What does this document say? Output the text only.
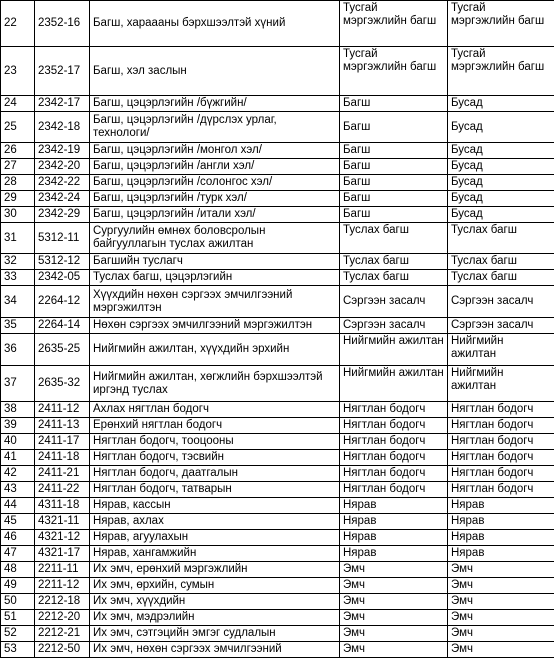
22	2352-16	Багш, хараааны бэрхшээлтэй хүний	Тусгай мэргэжлийн багш	Тусгай мэргэжлийн багш
23	2352-17	Багш, хэл заслын	Тусгай мэргэжлийн багш	Тусгай мэргэжлийн багш
24	2342-17	Багш, цэцэрлэгийн /бүжгийн/	Багш	Бусад
25	2342-18	Багш, цэцэрлэгийн /дүрслэх урлаг, технологи/	Багш	Бусад
26	2342-19	Багш, цэцэрлэгийн /монгол хэл/	Багш	Бусад
27	2342-20	Багш, цэцэрлэгийн /англи хэл/	Багш	Бусад
28	2342-22	Багш, цэцэрлэгийн /солонгос хэл/	Багш	Бусад
29	2342-24	Багш, цэцэрлэгийн /турк хэл/	Багш	Бусад
30	2342-29	Багш, цэцэрлэгийн /итали хэл/	Багш	Бусад
31	5312-11	Сургуулийн өмнөх боловсролын байгууллагын туслах ажилтан	Туслах багш	Туслах багш
32	5312-12	Багшийн туслагч	Туслах багш	Туслах багш
33	2342-05	Туслах багш, цэцэрлэгийн	Туслах багш	Туслах багш
34	2264-12	Хүүхдийн нөхөн сэргээх эмчилгээний мэргэжилтэн	Сэргээн засалч	Сэргээн засалч
35	2264-14	Нөхөн сэргээх эмчилгээний мэргэжилтэн	Сэргээн засалч	Сэргээн засалч
36	2635-25	Нийгмийн ажилтан, хүүхдийн эрхийн	Нийгмийн ажилтан	Нийгмийн ажилтан
37	2635-32	Нийгмийн ажилтан, хөгжлийн бэрхшээлтэй иргэнд туслах	Нийгмийн ажилтан	Нийгмийн ажилтан
38	2411-12	Ахлах нягтлан бодогч	Нягтлан бодогч	Нягтлан бодогч
39	2411-13	Ерөнхий нягтлан бодогч	Нягтлан бодогч	Нягтлан бодогч
40	2411-17	Нягтлан бодогч, тооцооны	Нягтлан бодогч	Нягтлан бодогч
41	2411-18	Нягтлан бодогч, тэсвийн	Нягтлан бодогч	Нягтлан бодогч
42	2411-21	Нягтлан бодогч, даатгалын	Нягтлан бодогч	Нягтлан бодогч
43	2411-22	Нягтлан бодогч, татварын	Нягтлан бодогч	Нягтлан бодогч
44	4311-18	Нярав, кассын	Нярав	Нярав
45	4321-11	Нярав, ахлах	Нярав	Нярав
46	4321-12	Нярав, агуулахын	Нярав	Нярав
47	4321-17	Нярав, хангамжийн	Нярав	Нярав
48	2211-11	Их эмч, ерөнхий мэргэжлийн	Эмч	Эмч
49	2211-12	Их эмч, өрхийн, сумын	Эмч	Эмч
50	2212-18	Их эмч, хүүхдийн	Эмч	Эмч
51	2212-20	Их эмч, мэдрэлийн	Эмч	Эмч
52	2212-21	Их эмч, сэтгэцийн эмгэг судлалын	Эмч	Эмч
53	2212-50	Их эмч, нөхөн сэргээх эмчилгээний	Эмч	Эмч
